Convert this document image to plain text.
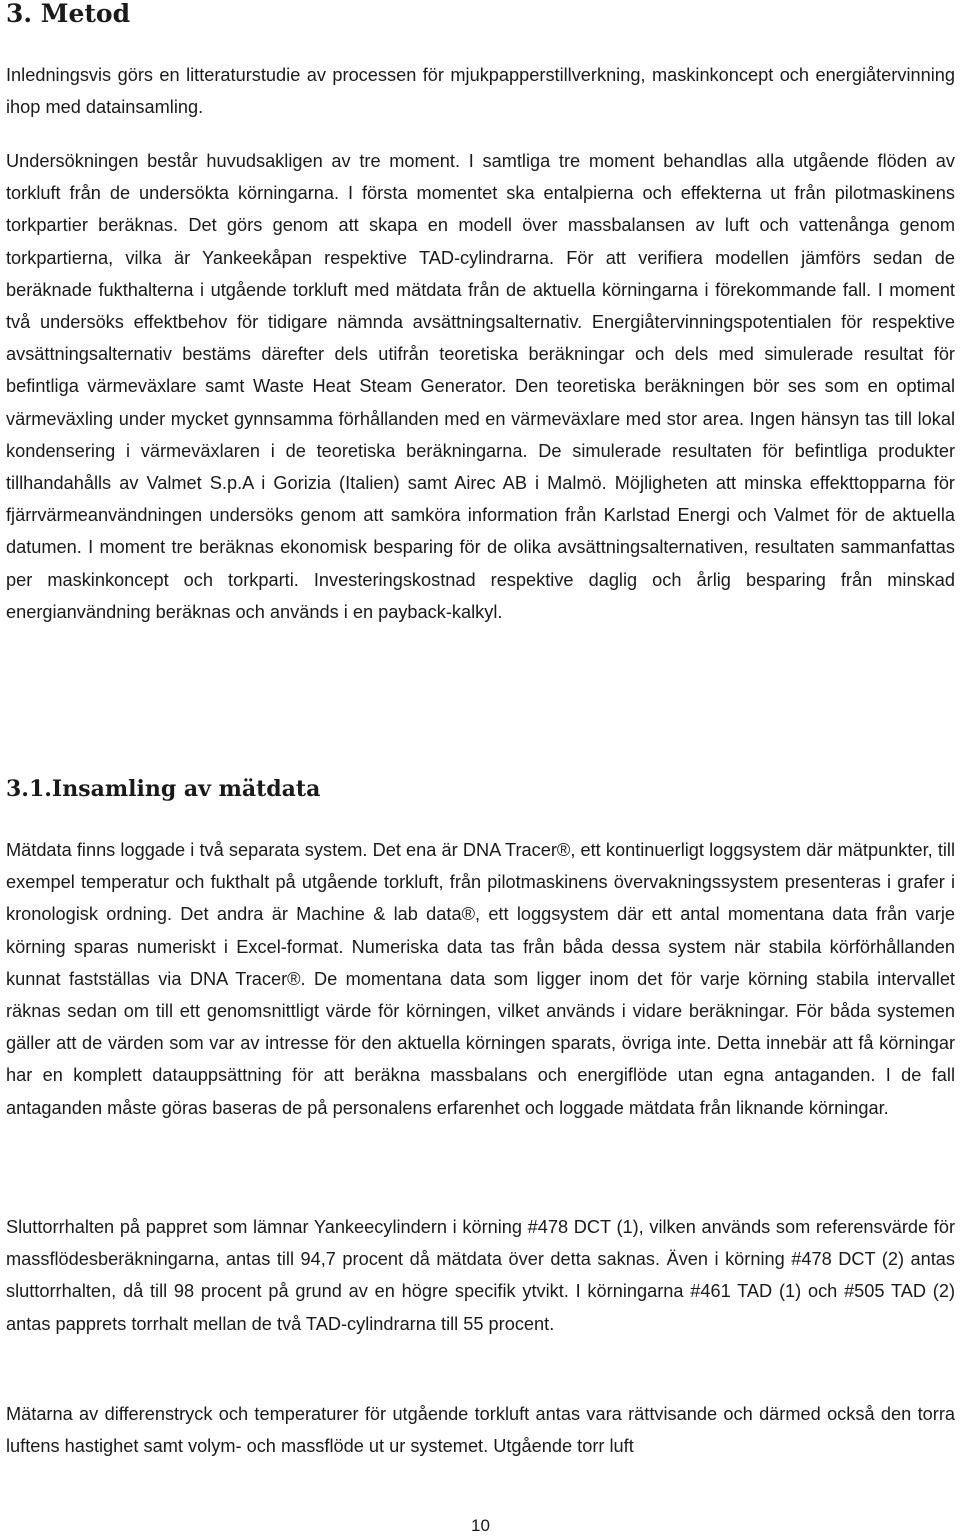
3. Metod

Inledningsvis görs en litteraturstudie av processen för mjukpapperstillverkning, maskinkoncept och energiåtervinning ihop med datainsamling.

Undersökningen består huvudsakligen av tre moment. I samtliga tre moment behandlas alla utgående flöden av torkluft från de undersökta körningarna. I första momentet ska entalpierna och effekterna ut från pilotmaskinens torkpartier beräknas. Det görs genom att skapa en modell över massbalansen av luft och vattenånga genom torkpartierna, vilka är Yankeekåpan respektive TAD-cylindrarna. För att verifiera modellen jämförs sedan de beräknade fukthalterna i utgående torkluft med mätdata från de aktuella körningarna i förekommande fall. I moment två undersöks effektbehov för tidigare nämnda avsättningsalternativ. Energiåtervinningspotentialen för respektive avsättningsalternativ bestäms därefter dels utifrån teoretiska beräkningar och dels med simulerade resultat för befintliga värmeväxlare samt Waste Heat Steam Generator. Den teoretiska beräkningen bör ses som en optimal värmeväxling under mycket gynnsamma förhållanden med en värmeväxlare med stor area. Ingen hänsyn tas till lokal kondensering i värmeväxlaren i de teoretiska beräkningarna. De simulerade resultaten för befintliga produkter tillhandahålls av Valmet S.p.A i Gorizia (Italien) samt Airec AB i Malmö. Möjligheten att minska effekttopparna för fjärrvärmeanvändningen undersöks genom att samköra information från Karlstad Energi och Valmet för de aktuella datumen. I moment tre beräknas ekonomisk besparing för de olika avsättningsalternativen, resultaten sammanfattas per maskinkoncept och torkparti. Investeringskostnad respektive daglig och årlig besparing från minskad energianvändning beräknas och används i en payback-kalkyl.

3.1.Insamling av mätdata

Mätdata finns loggade i två separata system. Det ena är DNA Tracer®, ett kontinuerligt loggsystem där mätpunkter, till exempel temperatur och fukthalt på utgående torkluft, från pilotmaskinens övervakningssystem presenteras i grafer i kronologisk ordning. Det andra är Machine & lab data®, ett loggsystem där ett antal momentana data från varje körning sparas numeriskt i Excel-format. Numeriska data tas från båda dessa system när stabila körförhållanden kunnat fastställas via DNA Tracer®. De momentana data som ligger inom det för varje körning stabila intervallet räknas sedan om till ett genomsnittligt värde för körningen, vilket används i vidare beräkningar. För båda systemen gäller att de värden som var av intresse för den aktuella körningen sparats, övriga inte. Detta innebär att få körningar har en komplett datauppsättning för att beräkna massbalans och energiflöde utan egna antaganden. I de fall antaganden måste göras baseras de på personalens erfarenhet och loggade mätdata från liknande körningar.

Sluttorrhalten på pappret som lämnar Yankeecylindern i körning #478 DCT (1), vilken används som referensvärde för massflödesberäkningarna, antas till 94,7 procent då mätdata över detta saknas. Även i körning #478 DCT (2) antas sluttorrhalten, då till 98 procent på grund av en högre specifik ytvikt. I körningarna #461 TAD (1) och #505 TAD (2) antas papprets torrhalt mellan de två TAD-cylindrarna till 55 procent.

Mätarna av differenstryck och temperaturer för utgående torkluft antas vara rättvisande och därmed också den torra luftens hastighet samt volym- och massflöde ut ur systemet. Utgående torr luft

10
